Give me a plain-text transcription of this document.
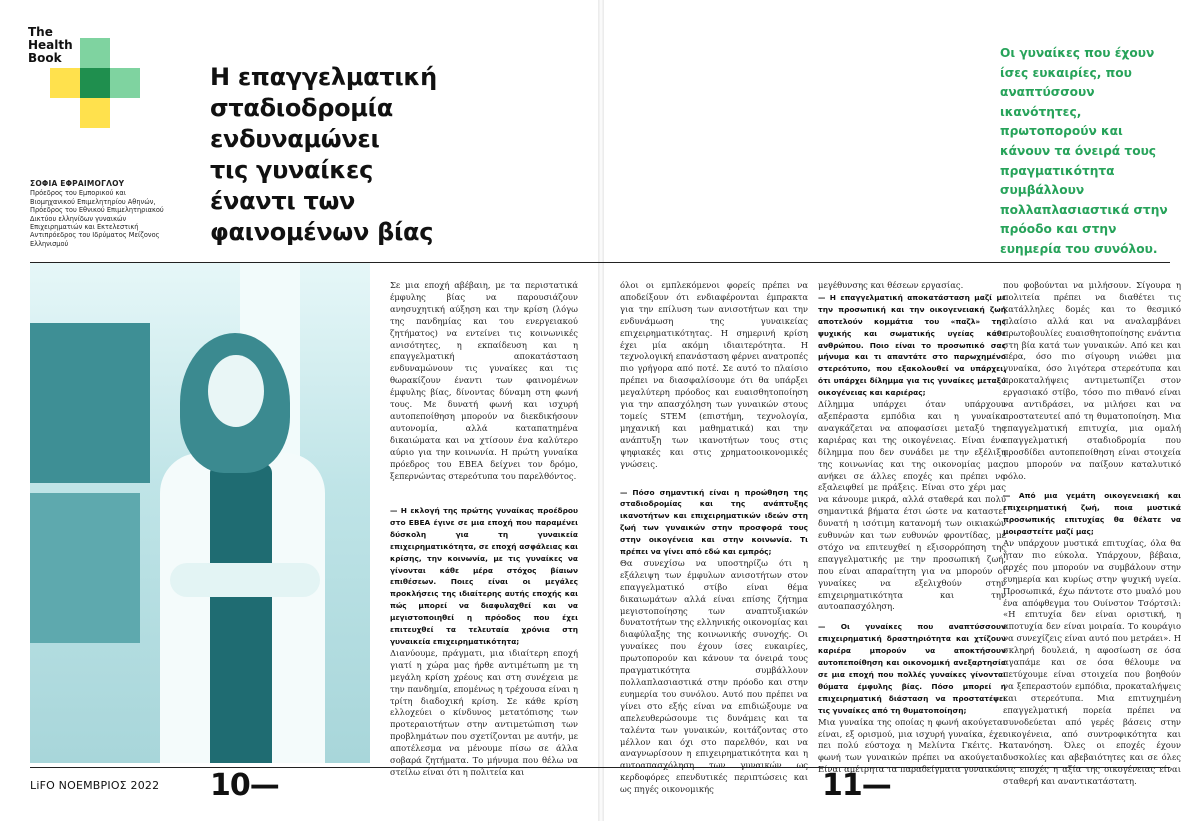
The
Health
Book
Η επαγγελματική
σταδιοδρομία
ενδυναμώνει
τις γυναίκες
έναντι των
φαινομένων βίας
ΣΟΦΙΑ ΕΦΡΑΙΜΟΓΛΟΥ
Πρόεδρος του Εμπορικού και
Βιομηχανικού Επιμελητηρίου Αθηνών,
Πρόεδρος του Εθνικού Επιμελητηριακού
Δικτύου ελληνίδων γυναικών
Επιχειρηματιών και Εκτελεστική
Αντιπρόεδρος του Ιδρύματος Μείζονος
Ελληνισμού
Οι γυναίκες που έχουν ίσες ευκαιρίες, που αναπτύσσουν ικανότητες, πρωτοπορούν και κάνουν τα όνειρά τους πραγματικότητα συμβάλλουν πολλαπλασιαστικά στην πρόοδο και στην ευημερία του συνόλου.

Σε μια εποχή αβέβαιη, με τα περιστατικά έμφυλης βίας να παρουσιάζουν ανησυχητική αύξηση και την κρίση (λόγω της πανδημίας και του ενεργειακού ζητήματος) να εντείνει τις κοινωνικές ανισότητες, η εκπαίδευση και η επαγγελματική αποκατάσταση ενδυναμώνουν τις γυναίκες και τις θωρακίζουν έναντι των φαινομένων έμφυλης βίας, δίνοντας δύναμη στη φωνή τους. Με δυνατή φωνή και ισχυρή αυτοπεποίθηση μπορούν να διεκδικήσουν αυτονομία, αλλά καταπατημένα δικαιώματα και να χτίσουν ένα καλύτερο αύριο για την κοινωνία. Η πρώτη γυναίκα πρόεδρος του ΕΒΕΑ δείχνει τον δρόμο, ξεπερνώντας στερεότυπα του παρελθόντος.

— Η εκλογή της πρώτης γυναίκας προέδρου στο ΕΒΕΑ έγινε σε μια εποχή που παραμένει δύσκολη για τη γυναικεία επιχειρηματικότητα, σε εποχή ασφάλειας και κρίσης, την κοινωνία, με τις γυναίκες να γίνονται κάθε μέρα στόχος βίαιων επιθέσεων. Ποιες είναι οι μεγάλες προκλήσεις της ιδιαίτερης αυτής εποχής και πώς μπορεί να διαφυλαχθεί και να μεγιστοποιηθεί η πρόοδος που έχει επιτευχθεί τα τελευταία χρόνια στη γυναικεία επιχειρηματικότητα;

Διανύουμε, πράγματι, μια ιδιαίτερη εποχή γιατί η χώρα μας ήρθε αντιμέτωπη με τη μεγάλη κρίση χρέους και στη συνέχεια με την πανδημία, επομένως η τρέχουσα είναι η τρίτη διαδοχική κρίση. Σε κάθε κρίση ελλοχεύει ο κίνδυνος μετατόπισης των προτεραιοτήτων στην αντιμετώπιση των προβλημάτων που σχετίζονται με αυτήν, με αποτέλεσμα να μένουμε πίσω σε άλλα σοβαρά ζητήματα. Το μήνυμα που θέλω να στείλω είναι ότι η πολιτεία και

όλοι οι εμπλεκόμενοι φορείς πρέπει να αποδείξουν ότι ενδιαφέρονται έμπρακτα για την επίλυση των ανισοτήτων και την ενδυνάμωση της γυναικείας επιχειρηματικότητας. Η σημερινή κρίση έχει μία ακόμη ιδιαιτερότητα. Η τεχνολογική επανάσταση φέρνει ανατροπές πιο γρήγορα από ποτέ. Σε αυτό το πλαίσιο πρέπει να διασφαλίσουμε ότι θα υπάρξει μεγαλύτερη πρόοδος και ευαισθητοποίηση για την απασχόληση των γυναικών στους τομείς STEM (επιστήμη, τεχνολογία, μηχανική και μαθηματικά) και την ανάπτυξη των ικανοτήτων τους στις ψηφιακές και στις χρηματοοικονομικές γνώσεις.

— Πόσο σημαντική είναι η προώθηση της σταδιοδρομίας και της ανάπτυξης ικανοτήτων και επιχειρηματικών ιδεών στη ζωή των γυναικών στην προσφορά τους στην οικογένεια και στην κοινωνία. Τι πρέπει να γίνει από εδώ και εμπρός;

Θα συνεχίσω να υποστηρίζω ότι η εξάλειψη των έμφυλων ανισοτήτων στον επαγγελματικό στίβο είναι θέμα δικαιωμάτων αλλά είναι επίσης ζήτημα μεγιστοποίησης των αναπτυξιακών δυνατοτήτων της ελληνικής οικονομίας και διαφύλαξης της κοινωνικής συνοχής. Οι γυναίκες που έχουν ίσες ευκαιρίες, πρωτοπορούν και κάνουν τα όνειρά τους πραγματικότητα συμβάλλουν πολλαπλασιαστικά στην πρόοδο και στην ευημερία του συνόλου. Αυτό που πρέπει να γίνει στο εξής είναι να επιδιώξουμε να απελευθερώσουμε τις δυνάμεις και τα ταλέντα των γυναικών, κοιτάζοντας στο μέλλον και όχι στο παρελθόν, και να αναγνωρίσουν η επιχειρηματικότητα και η αυτοαπασχόληση των γυναικών ως κερδοφόρες επενδυτικές περιπτώσεις και ως πηγές οικονομικής

μεγέθυνσης και θέσεων εργασίας.

— Η επαγγελματική αποκατάσταση μαζί με την προσωπική και την οικογενειακή ζωή αποτελούν κομμάτια του «παζλ» της ψυχικής και σωματικής υγείας κάθε ανθρώπου. Ποιο είναι το προσωπικό σας μήνυμα και τι απαντάτε στο παρωχημένο στερεότυπο, που εξακολουθεί να υπάρχει, ότι υπάρχει δίλημμα για τις γυναίκες μεταξύ οικογένειας και καριέρας;

Δίλημμα υπάρχει όταν υπάρχουν αξεπέραστα εμπόδια και η γυναίκα αναγκάζεται να αποφασίσει μεταξύ της καριέρας και της οικογένειας. Είναι ένα δίλημμα που δεν συνάδει με την εξέλιξη της κοινωνίας και της οικονομίας μας, ανήκει σε άλλες εποχές και πρέπει να εξαλειφθεί με πράξεις. Είναι στο χέρι μας να κάνουμε μικρά, αλλά σταθερά και πολύ σημαντικά βήματα έτσι ώστε να καταστεί δυνατή η ισότιμη κατανομή των οικιακών ευθυνών και των ευθυνών φροντίδας, με στόχο να επιτευχθεί η εξισορρόπηση της επαγγελματικής με την προσωπική ζωή, που είναι απαραίτητη για να μπορούν οι γυναίκες να εξελιχθούν στην επιχειρηματικότητα και την αυτοαπασχόληση.

— Οι γυναίκες που αναπτύσσουν επιχειρηματική δραστηριότητα και χτίζουν καριέρα μπορούν να αποκτήσουν αυτοπεποίθηση και οικονομική ανεξαρτησία σε μια εποχή που πολλές γυναίκες γίνονται θύματα έμφυλης βίας. Πόσο μπορεί η επιχειρηματική διάσταση να προστατέψει τις γυναίκες από τη θυματοποίηση;

Μια γυναίκα της οποίας η φωνή ακούγεται είναι, εξ ορισμού, μια ισχυρή γυναίκα, έχει πει πολύ εύστοχα η Μελίντα Γκέιτς. Η φωνή των γυναικών πρέπει να ακούγεται. Είναι αμέτρητα τα παραδείγματα γυναικών

που φοβούνται να μιλήσουν. Σίγουρα η πολιτεία πρέπει να διαθέτει τις κατάλληλες δομές και το θεσμικό πλαίσιο αλλά και να αναλαμβάνει πρωτοβουλίες ευαισθητοποίησης ενάντια στη βία κατά των γυναικών. Από κει και πέρα, όσο πιο σίγουρη νιώθει μια γυναίκα, όσο λιγότερα στερεότυπα και προκαταλήψεις αντιμετωπίζει στον εργασιακό στίβο, τόσο πιο πιθανό είναι να αντιδράσει, να μιλήσει και να προστατευτεί από τη θυματοποίηση. Μια επαγγελματική επιτυχία, μια ομαλή επαγγελματική σταδιοδρομία που προσδίδει αυτοπεποίθηση είναι στοιχεία που μπορούν να παίξουν καταλυτικό ρόλο.

— Από μια γεμάτη οικογενειακή και επιχειρηματική ζωή, ποια μυστικά προσωπικής επιτυχίας θα θέλατε να μοιραστείτε μαζί μας;

Αν υπάρχουν μυστικά επιτυχίας, όλα θα ήταν πιο εύκολα. Υπάρχουν, βέβαια, αρχές που μπορούν να συμβάλουν στην ευημερία και κυρίως στην ψυχική υγεία. Προσωπικά, έχω πάντοτε στο μυαλό μου ένα απόφθεγμα του Ουίνστον Τσόρτσιλ: «Η επιτυχία δεν είναι οριστική, η αποτυχία δεν είναι μοιραία. Το κουράγιο να συνεχίζεις είναι αυτό που μετράει». Η σκληρή δουλειά, η αφοσίωση σε όσα αγαπάμε και σε όσα θέλουμε να πετύχουμε είναι στοιχεία που βοηθούν να ξεπεραστούν εμπόδια, προκαταλήψεις και στερεότυπα. Μια επιτυχημένη επαγγελματική πορεία πρέπει να συνοδεύεται από γερές βάσεις στην οικογένεια, από συντροφικότητα και κατανόηση. Όλες οι εποχές έχουν δυσκολίες και αβεβαιότητες και σε όλες τις εποχές η αξία της οικογένειας είναι σταθερή και αναντικατάστατη.

LiFO ΝΟΕΜΒΡΙΟΣ 2022 10—	11—
